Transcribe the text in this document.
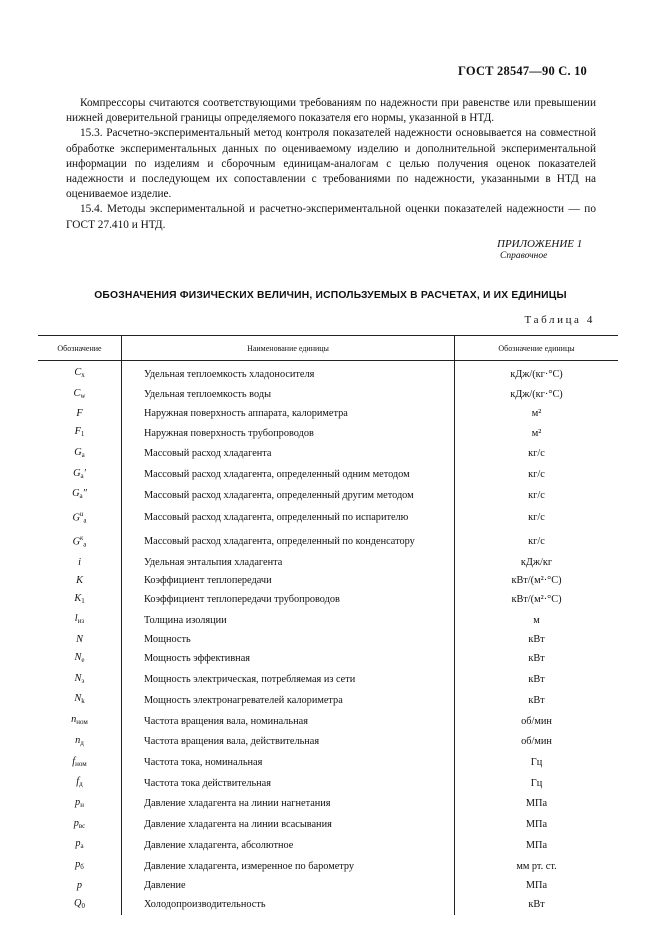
ГОСТ 28547—90 С. 10

Компрессоры считаются соответствующими требованиям по надежности при равенстве или превышении нижней доверительной границы определяемого показателя его нормы, указанной в НТД.

15.3. Расчетно-экспериментальный метод контроля показателей надежности основывается на совместной обработке экспериментальных данных по оцениваемому изделию и дополнительной экспериментальной информации по изделиям и сборочным единицам-аналогам с целью получения оценок показателей надежности и последующем их сопоставлении с требованиями по надежности, указанными в НТД на оцениваемое изделие.

15.4. Методы экспериментальной и расчетно-экспериментальной оценки показателей надежности — по ГОСТ 27.410 и НТД.

ПРИЛОЖЕНИЕ 1
Справочное
ОБОЗНАЧЕНИЯ ФИЗИЧЕСКИХ ВЕЛИЧИН, ИСПОЛЬЗУЕМЫХ В РАСЧЕТАХ, И ИХ ЕДИНИЦЫ
Таблица 4
Обозначение	Наименование единицы	Обозначение единицы
$C_x$	Удельная теплоемкость хладоносителя	кДж/(кг·°С)
$C_w$	Удельная теплоемкость воды	кДж/(кг·°С)
F	Наружная поверхность аппарата, калориметра	м²
$F_1$	Наружная поверхность трубопроводов	м²
$G_a$	Массовый расход хладагента	кг/с
$G_a'$	Массовый расход хладагента, определенный одним методом	кг/с
$G_a''$	Массовый расход хладагента, определенный другим методом	кг/с
$G^и_a$	Массовый расход хладагента, определенный по испарителю	кг/с
$G^к_a$	Массовый расход хладагента, определенный по конденсатору	кг/с
i	Удельная энтальпия хладагента	кДж/кг
K	Коэффициент теплопередачи	кВт/(м²·°С)
$K_1$	Коэффициент теплопередачи трубопроводов	кВт/(м²·°С)
$l_{из}$	Толщина изоляции	м
N	Мощность	кВт
$N_e$	Мощность эффективная	кВт
$N_э$	Мощность электрическая, потребляемая из сети	кВт
$N_k$	Мощность электронагревателей калориметра	кВт
$n_{ном}$	Частота вращения вала, номинальная	об/мин
$n_д$	Частота вращения вала, действительная	об/мин
$f_{ном}$	Частота тока, номинальная	Гц
$f_д$	Частота тока действительная	Гц
$p_н$	Давление хладагента на линии нагнетания	МПа
$p_{вс}$	Давление хладагента на линии всасывания	МПа
$p_а$	Давление хладагента, абсолютное	МПа
$p_б$	Давление хладагента, измеренное по барометру	мм рт. ст.
p	Давление	МПа
$Q_0$	Холодопроизводительность	кВт
